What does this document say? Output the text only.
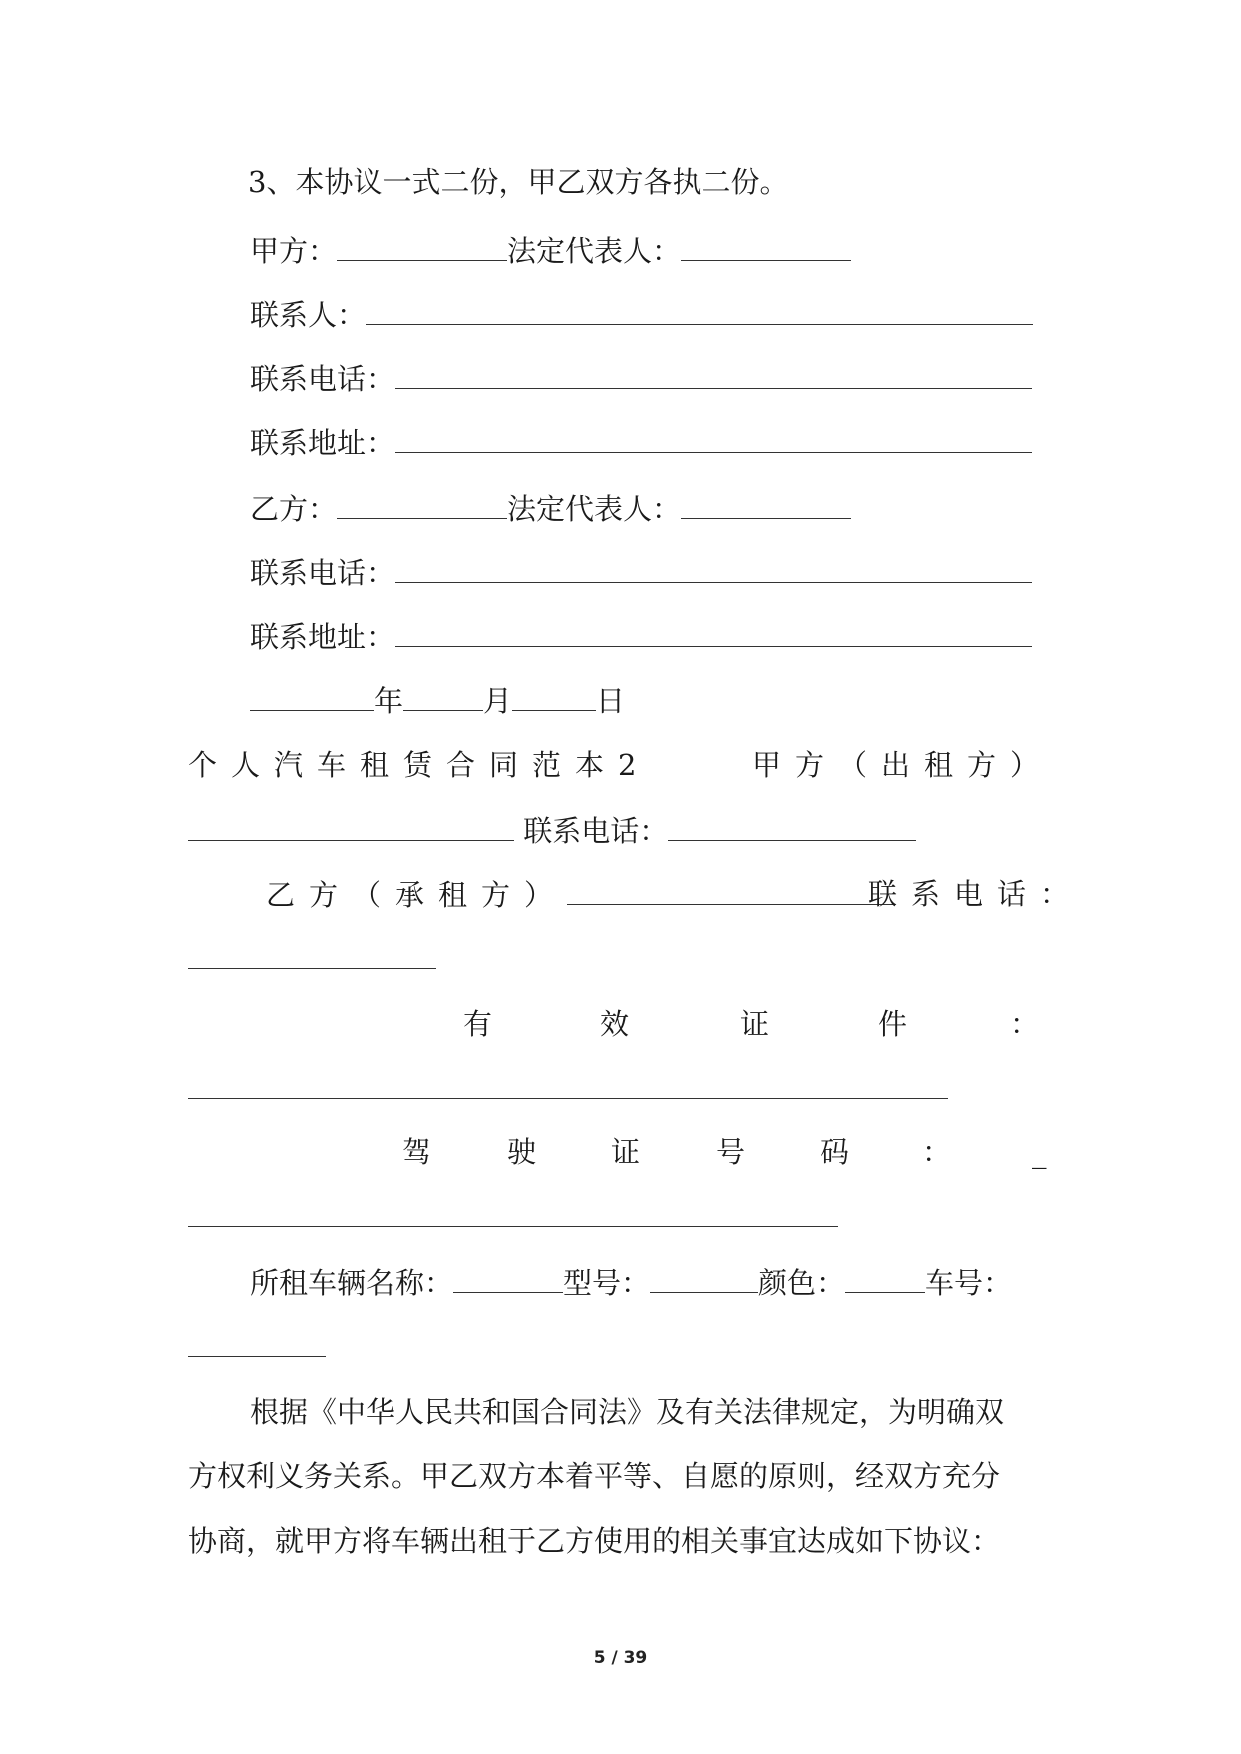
3、本协议一式二份，甲乙双方各执二份。
甲方：	法定代表人：
联系人：
联系电话：
联系地址：
乙方：	法定代表人：
联系电话：
联系地址：
年	月	日
个人汽车租赁合同范本2	甲方（出租方）
联系电话：
乙方（承租方）	联系电话：
有	效	证	件	：
驾	驶	证	号	码	：	_
所租车辆名称：	型号：	颜色：	车号：
根据《中华人民共和国合同法》及有关法律规定，为明确双
方权利义务关系。甲乙双方本着平等、自愿的原则，经双方充分
协商，就甲方将车辆出租于乙方使用的相关事宜达成如下协议：
5 / 39
